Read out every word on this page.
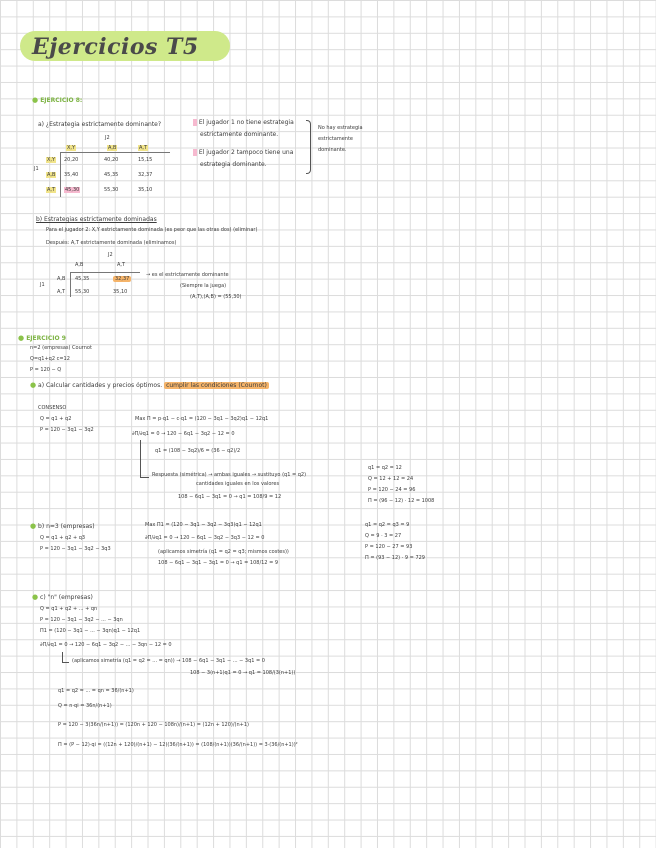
Ejercicios T5
● EJERCICIO 8:
a) ¿Estrategia estrictamente dominante?	El jugador 1 no tiene estrategia
estrictamente dominante.
El jugador 2 tampoco tiene una
estrategia dominante.
No hay estrategia
estrictamente
dominante.
J2
J1
X,Y	A,B	A,T
X,Y 20,20	40,20	15,15
A,B 35,40	45,35	32,37
A,T 45,30	55,30	35,10
b) Estrategias estrictamente dominadas
Para el jugador 2: X,Y estrictamente dominada (es peor que las otras dos) (eliminar)
Después: A,T estrictamente dominada (eliminamos)
A,B	A,T
J2
J1
A,B 45,35	32,37
A,T 55,30	35,10
→ es el estrictamente dominante
(Siempre la juega)
(A,T),(A,B) = (55,30)
● EJERCICIO 9
n=2 (empresas) Cournot
Q=q1+q2 c=12
P = 120 − Q
● a) Calcular cantidades y precios óptimos. cumplir las condiciones (Cournot)
CONSENSO
Q = q1 + q2
P = 120 − 3q1 − 3q2
Max Π = p·q1 − c·q1 = (120 − 3q1 − 3q2)q1 − 12q1
∂Π/∂q1 = 0 → 120 − 6q1 − 3q2 − 12 = 0
q1 = (108 − 3q2)/6 = (36 − q2)/2
Respuesta (simétrica) → ambas iguales → sustituyo (q1 = q2)
cantidades iguales en los valores
108 − 6q1 − 3q1 = 0 → q1 = 108/9 = 12
q1 = q2 = 12
Q = 12 + 12 = 24
P = 120 − 24 = 96
Π = (96 − 12) · 12 = 1008
● b) n=3 (empresas)
Q = q1 + q2 + q3
P = 120 − 3q1 − 3q2 − 3q3
Max Π1 = (120 − 3q1 − 3q2 − 3q3)q1 − 12q1
∂Π/∂q1 = 0 → 120 − 6q1 − 3q2 − 3q3 − 12 = 0
(aplicamos simetría (q1 = q2 = q3; mismos costes))
108 − 6q1 − 3q1 − 3q1 = 0 → q1 = 108/12 = 9
q1 = q2 = q3 = 9
Q = 9 · 3 = 27
P = 120 − 27 = 93
Π = (93 − 12) · 9 = 729
● c) "n" (empresas)
Q = q1 + q2 + ... + qn
P = 120 − 3q1 − 3q2 − ... − 3qn
Π1 = (120 − 3q1 − ... − 3qn)q1 − 12q1
∂Π/∂q1 = 0 → 120 − 6q1 − 3q2 − ... − 3qn − 12 = 0
(aplicamos simetría (q1 = q2 = ... = qn)) → 108 − 6q1 − 3q1 − ... − 3q1 = 0
108 − 3(n+1)q1 = 0 → q1 = 108/(3(n+1))
q1 = q2 = ... = qn = 36/(n+1)
Q = n·qi = 36n/(n+1)
P = 120 − 3(36n/(n+1)) = (120n + 120 − 108n)/(n+1) = (12n + 120)/(n+1)
Π = (P − 12)·qi = ((12n + 120)/(n+1) − 12)(36/(n+1)) = (108/(n+1))(36/(n+1)) = 3·(36/(n+1))²
